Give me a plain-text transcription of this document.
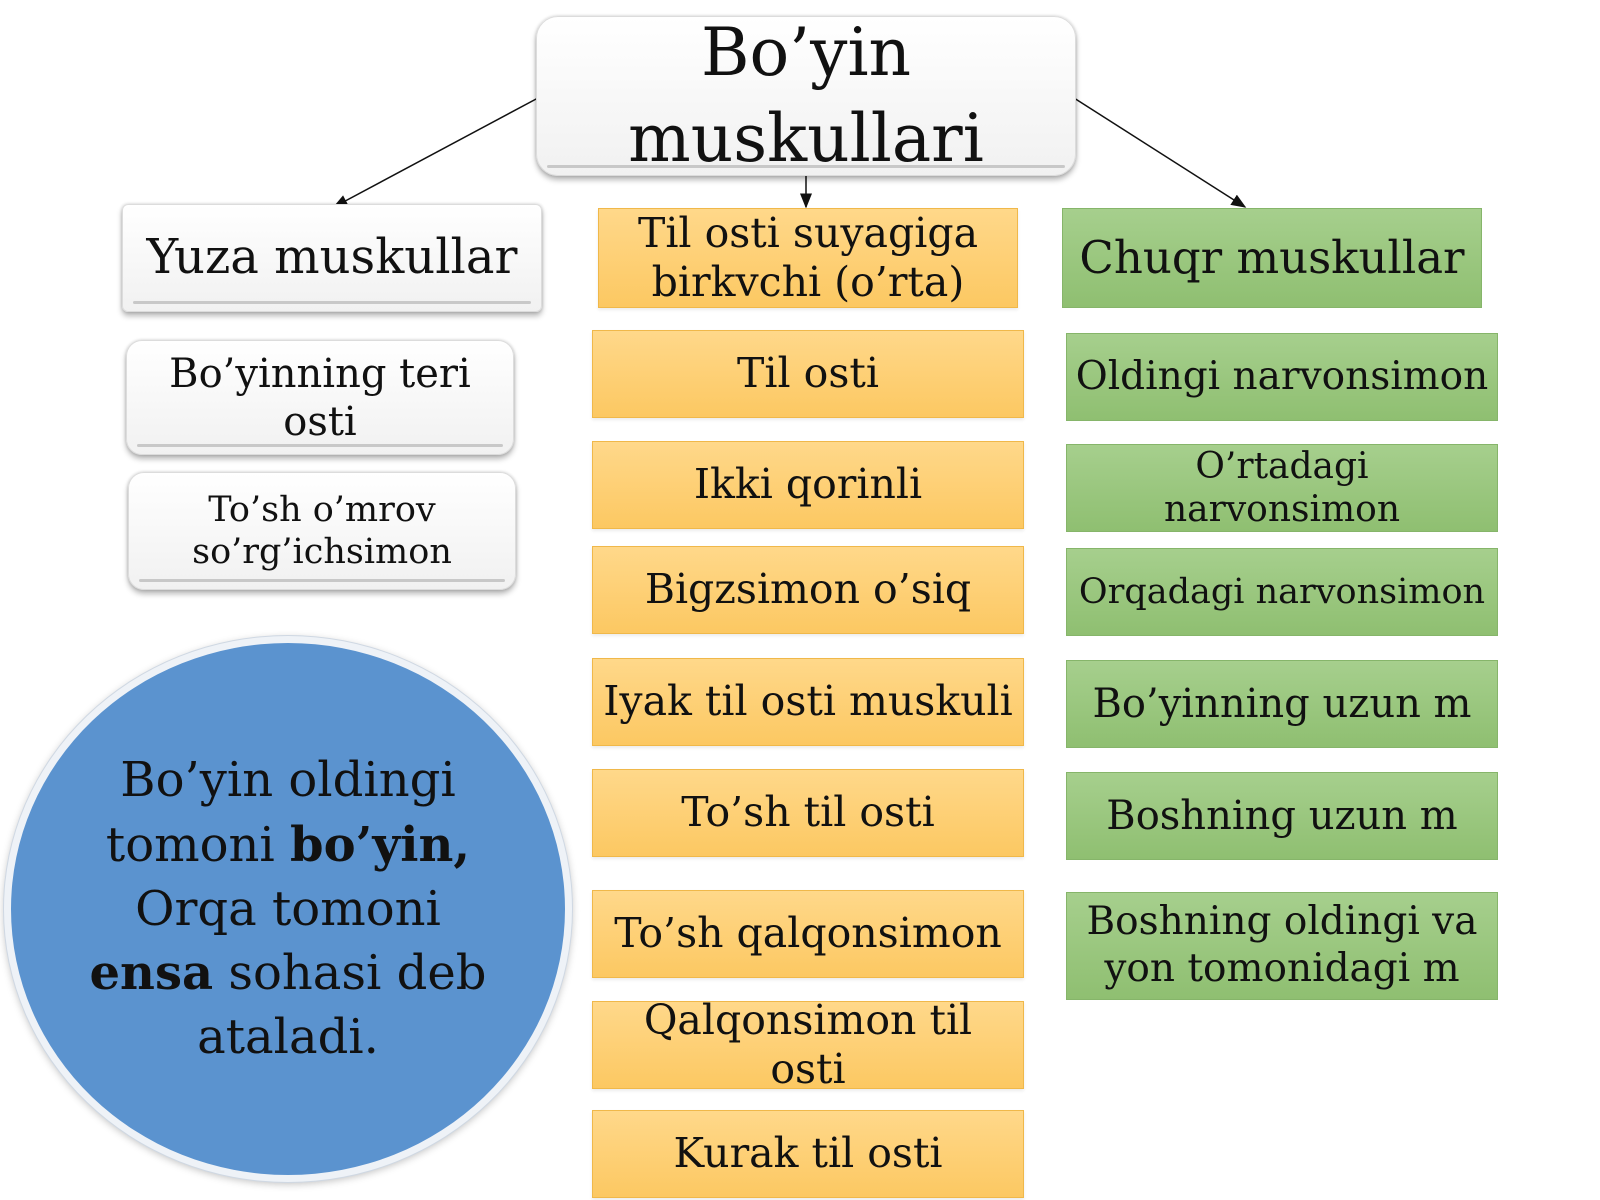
Bo’yin muskullari
Yuza muskullar
Bo’yinning teri osti
To’sh o’mrov so’rg’ichsimon
Til osti suyagiga birkvchi (o’rta)
Til osti
Ikki qorinli
Bigzsimon o’siq
Iyak til osti muskuli
To’sh til osti
To’sh qalqonsimon
Qalqonsimon til osti
Kurak til osti
Chuqr muskullar
Oldingi narvonsimon
O’rtadagi narvonsimon
Orqadagi narvonsimon
Bo’yinning uzun m
Boshning uzun m
Boshning oldingi va yon tomonidagi m
Bo’yin oldingi tomoni bo’yin, Orqa tomoni ensa sohasi deb ataladi.
